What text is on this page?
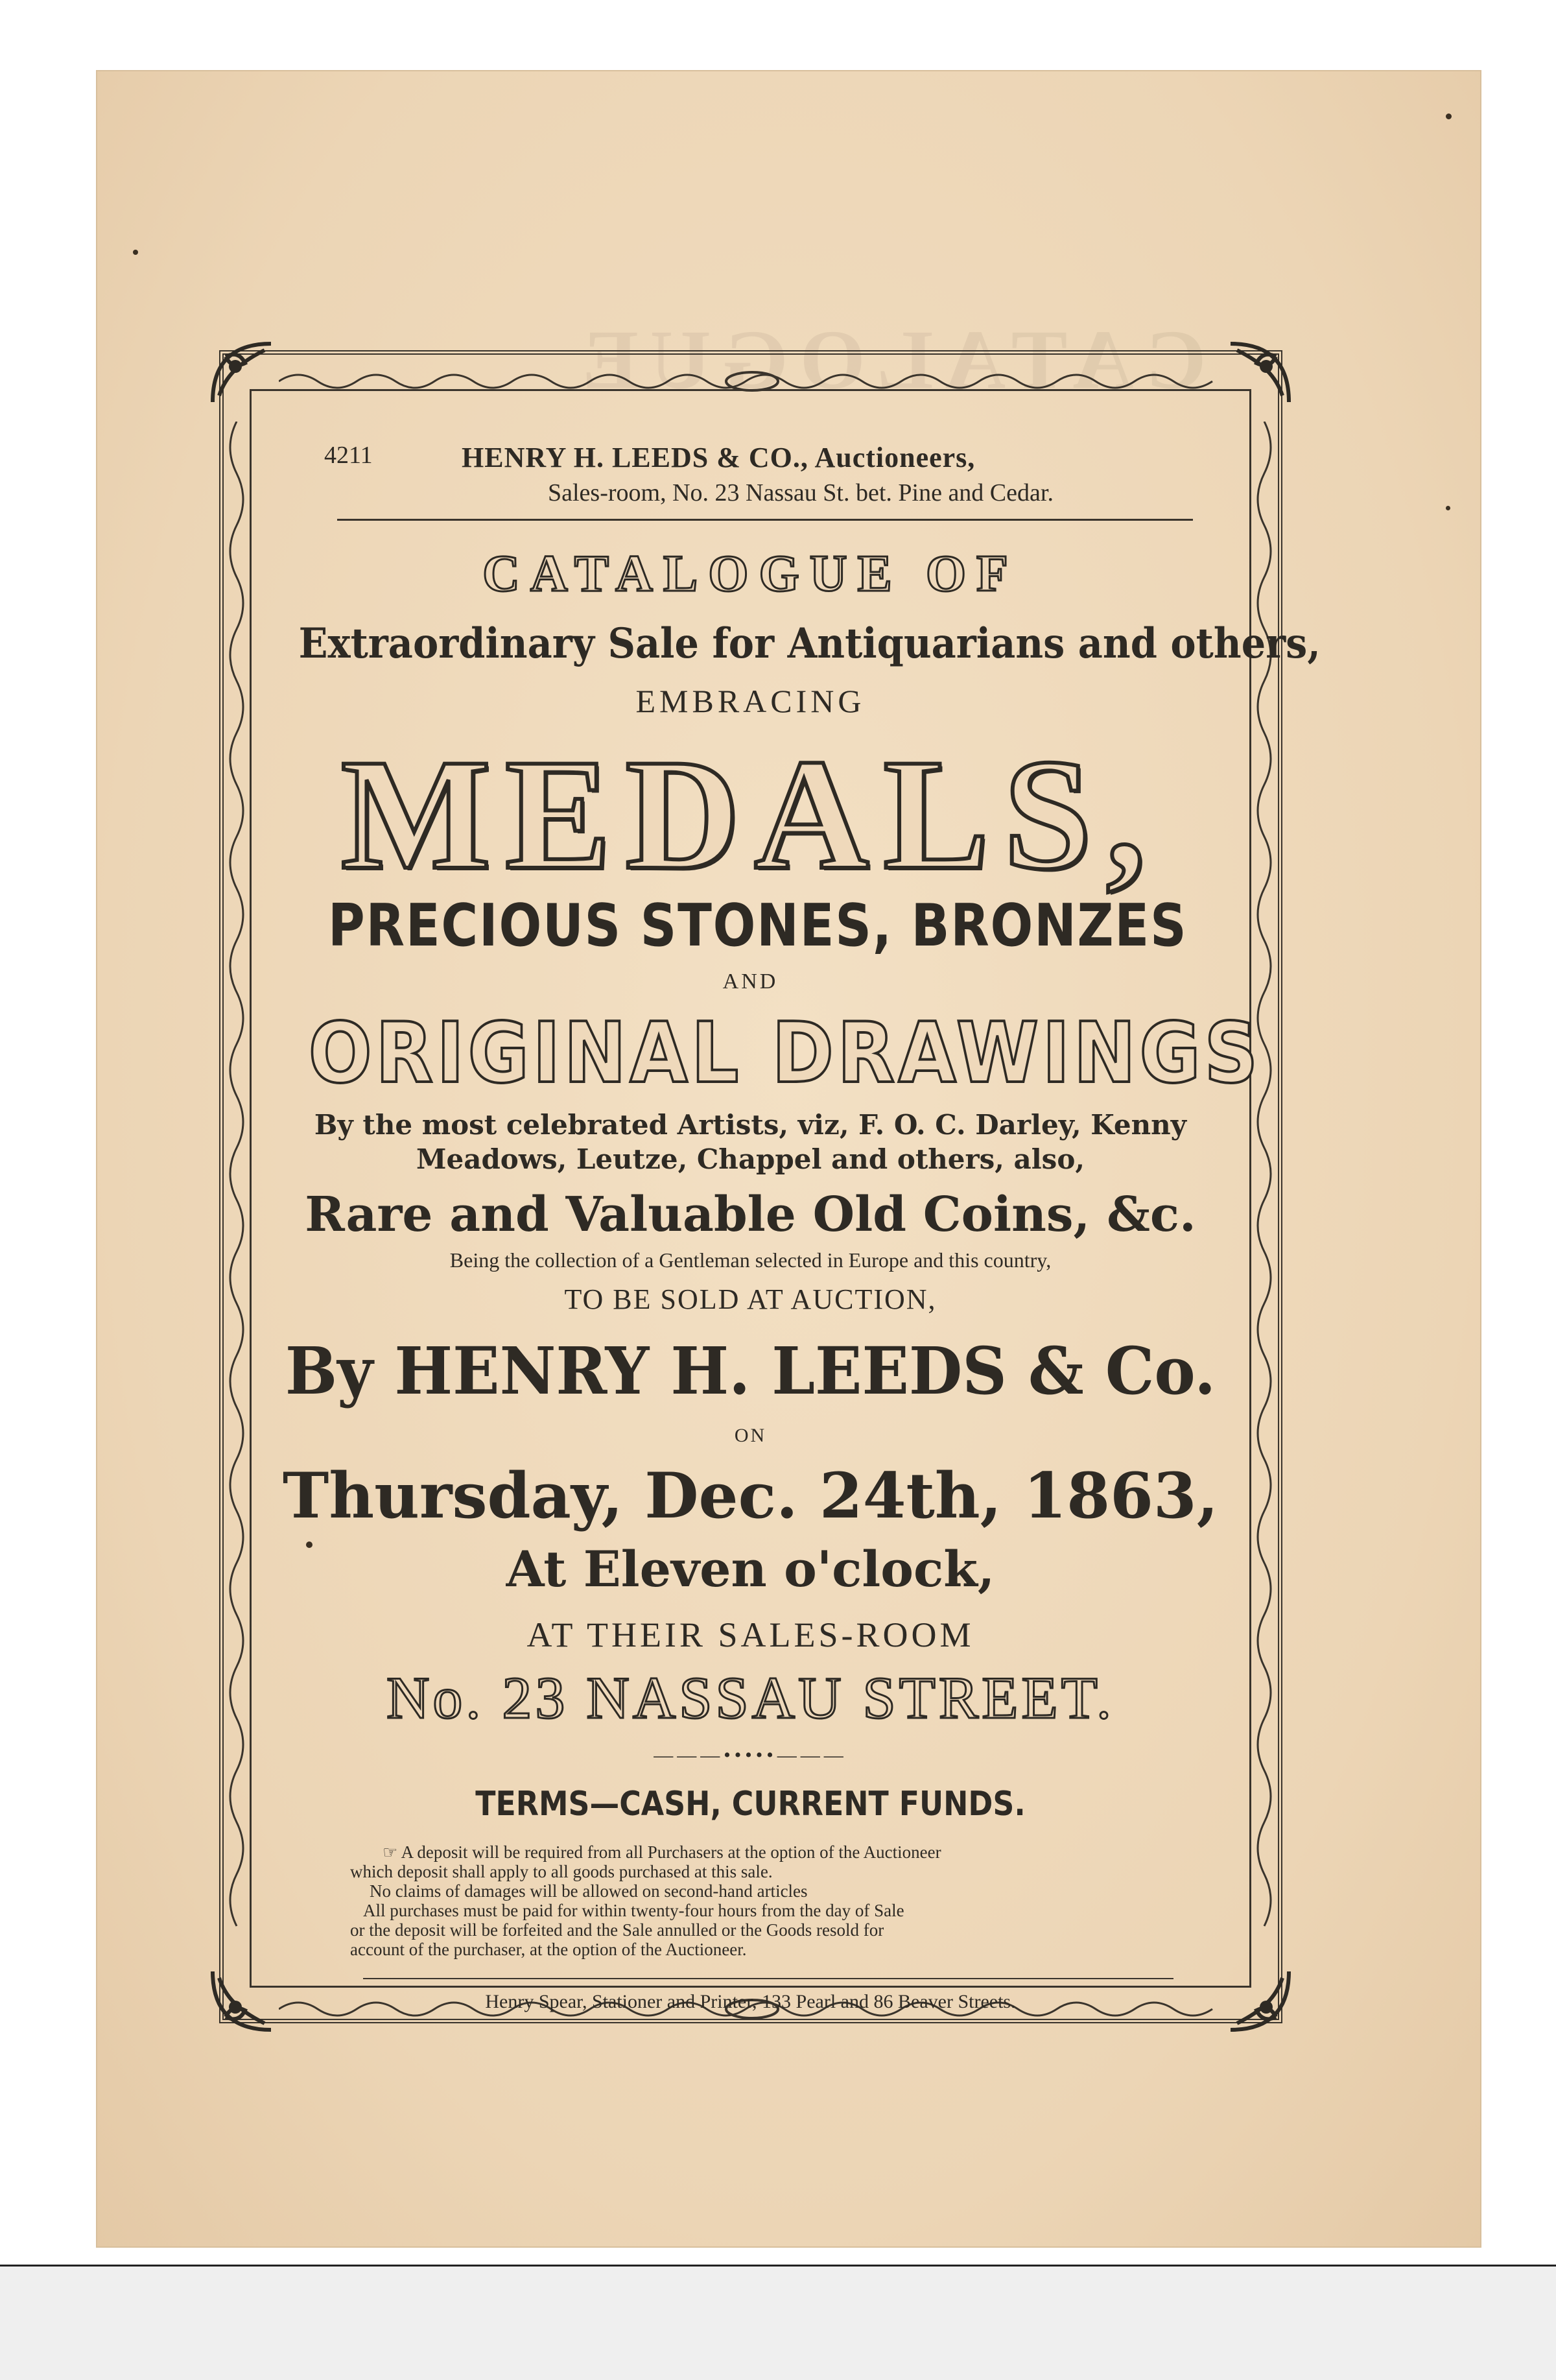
CATALOGUE
4211	HENRY H. LEEDS & CO., Auctioneers,
Sales-room, No. 23 Nassau St. bet. Pine and Cedar.
CATALOGUE OF
Extraordinary Sale for Antiquarians and others,
EMBRACING
MEDALS,
PRECIOUS STONES, BRONZES
AND
ORIGINAL DRAWINGS
By the most celebrated Artists, viz, F. O. C. Darley, Kenny
Meadows, Leutze, Chappel and others, also,
Rare and Valuable Old Coins, &c.
Being the collection of a Gentleman selected in Europe and this country,
TO BE SOLD AT AUCTION,
By HENRY H. LEEDS & Co.
ON
Thursday, Dec. 24th, 1863,
At Eleven o'clock,
AT THEIR SALES-ROOM
No. 23 NASSAU STREET.
———•••••———
TERMS—CASH, CURRENT FUNDS.
☞ A deposit will be required from all Purchasers at the option of the Auctioneer
which deposit shall apply to all goods purchased at this sale.
No claims of damages will be allowed on second-hand articles
All purchases must be paid for within twenty-four hours from the day of Sale
or the deposit will be forfeited and the Sale annulled or the Goods resold for
account of the purchaser, at the option of the Auctioneer.
Henry Spear, Stationer and Printer, 133 Pearl and 86 Beaver Streets.
